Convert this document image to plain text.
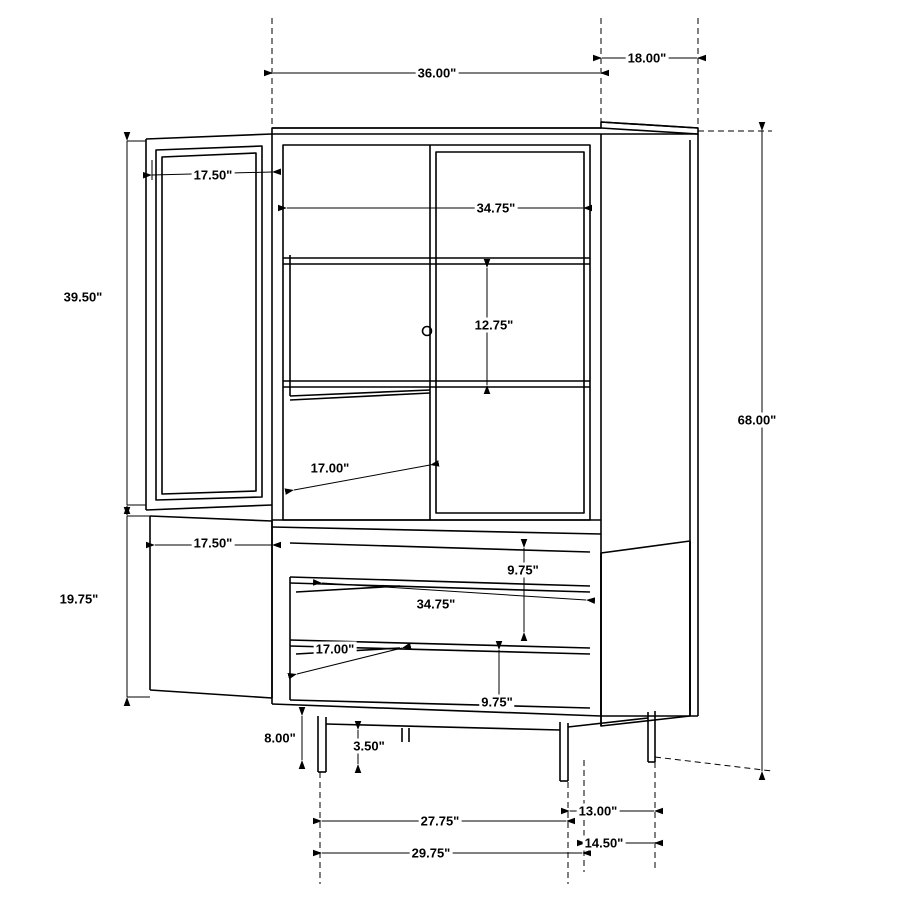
36.00"
18.00"
17.50"
34.75"
39.50"
12.75"
17.00"
68.00"
17.50"
9.75"
34.75"
19.75"
17.00"
9.75"
8.00"
3.50"
27.75"
13.00"
29.75"
14.50"
